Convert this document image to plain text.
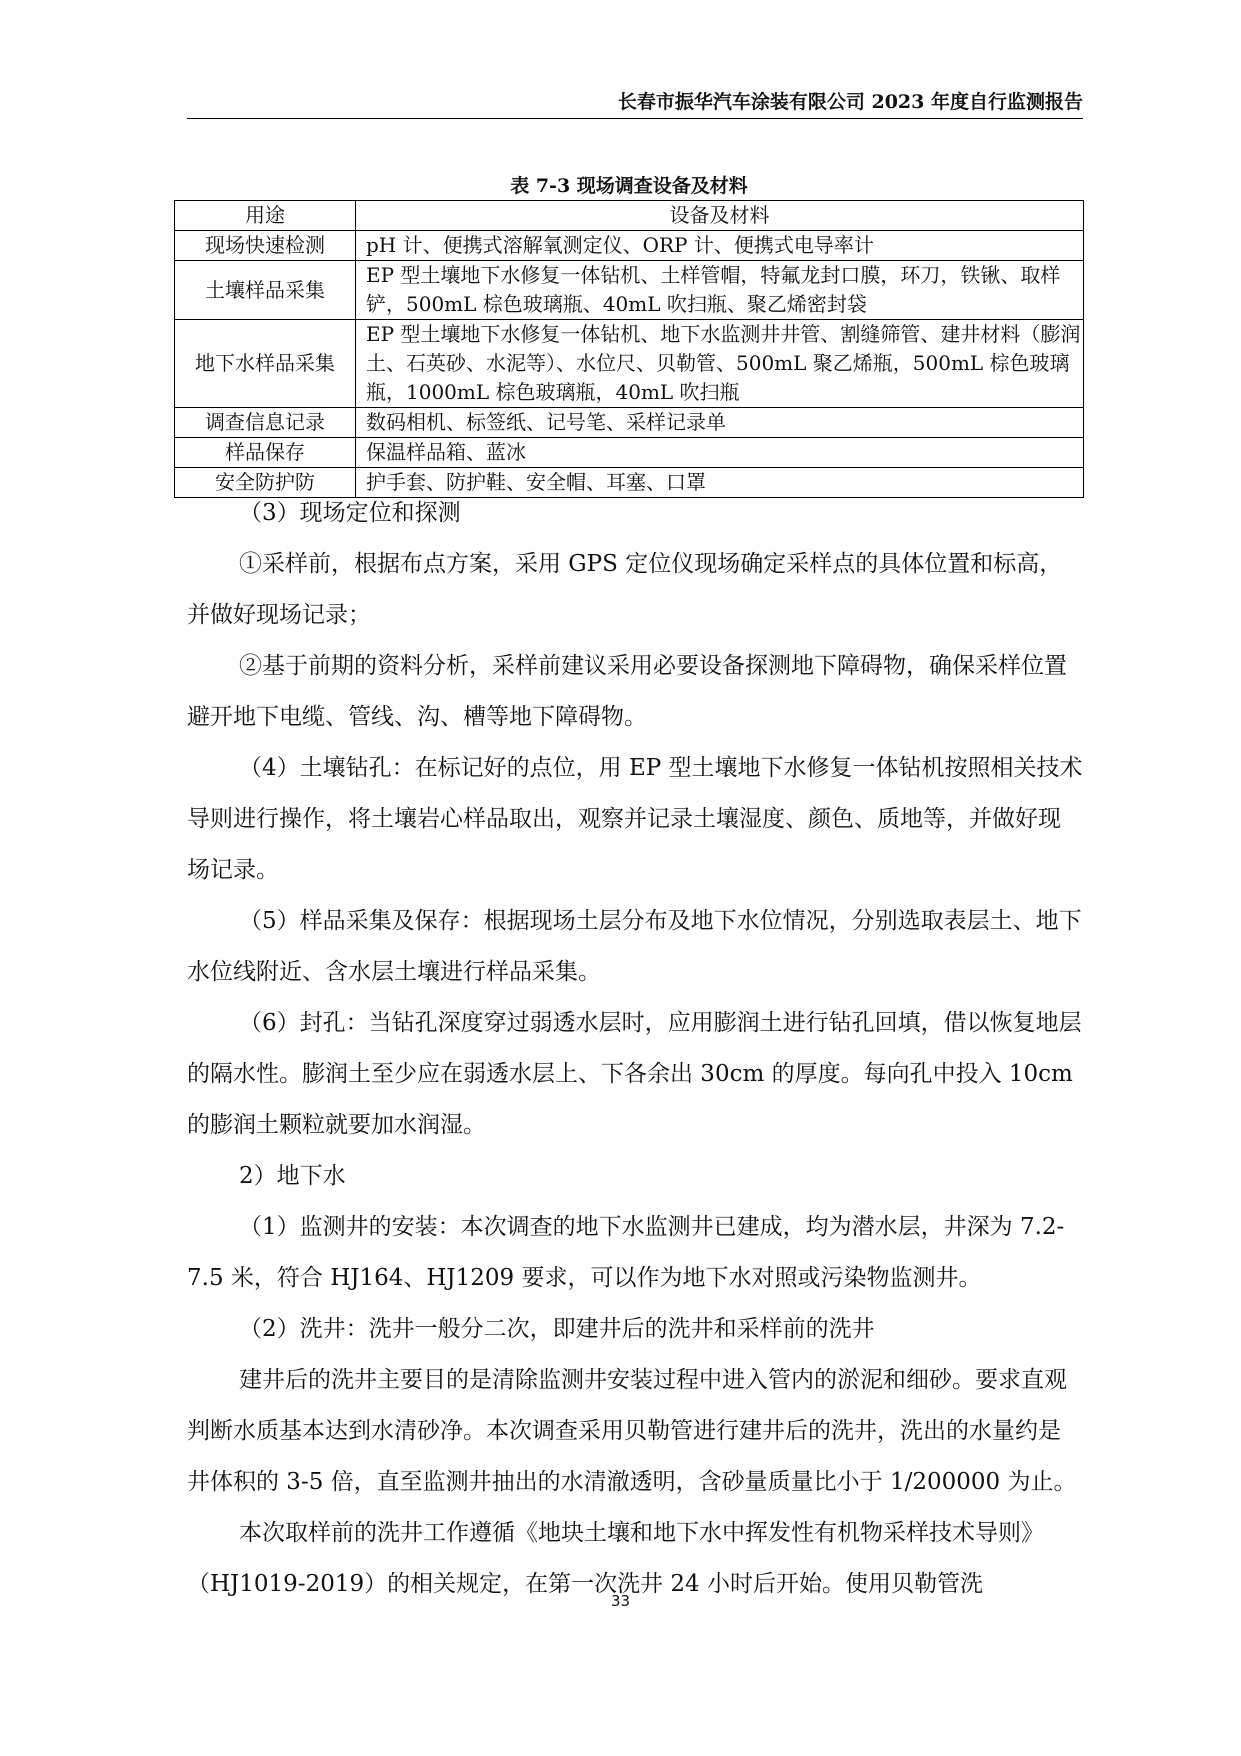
长春市振华汽车涂装有限公司 2023 年度自行监测报告
表 7-3 现场调查设备及材料
用途	设备及材料
现场快速检测	pH 计、便携式溶解氧测定仪、ORP 计、便携式电导率计
土壤样品采集	EP 型土壤地下水修复一体钻机、土样管帽，特氟龙封口膜，环刀，铁锹、取样铲，500mL 棕色玻璃瓶、40mL 吹扫瓶、聚乙烯密封袋
地下水样品采集	EP 型土壤地下水修复一体钻机、地下水监测井井管、割缝筛管、建井材料（膨润土、石英砂、水泥等）、水位尺、贝勒管、500mL 聚乙烯瓶，500mL 棕色玻璃瓶，1000mL 棕色玻璃瓶，40mL 吹扫瓶
调查信息记录	数码相机、标签纸、记号笔、采样记录单
样品保存	保温样品箱、蓝冰
安全防护防	护手套、防护鞋、安全帽、耳塞、口罩

（3）现场定位和探测

①采样前，根据布点方案，采用 GPS 定位仪现场确定采样点的具体位置和标高，并做好现场记录；

②基于前期的资料分析，采样前建议采用必要设备探测地下障碍物，确保采样位置避开地下电缆、管线、沟、槽等地下障碍物。

（4）土壤钻孔：在标记好的点位，用 EP 型土壤地下水修复一体钻机按照相关技术导则进行操作，将土壤岩心样品取出，观察并记录土壤湿度、颜色、质地等，并做好现场记录。

（5）样品采集及保存：根据现场土层分布及地下水位情况，分别选取表层土、地下水位线附近、含水层土壤进行样品采集。

（6）封孔：当钻孔深度穿过弱透水层时，应用膨润土进行钻孔回填，借以恢复地层的隔水性。膨润土至少应在弱透水层上、下各余出 30cm 的厚度。每向孔中投入 10cm 的膨润土颗粒就要加水润湿。

2）地下水

（1）监测井的安装：本次调查的地下水监测井已建成，均为潜水层，井深为 7.2-7.5 米，符合 HJ164、HJ1209 要求，可以作为地下水对照或污染物监测井。

（2）洗井：洗井一般分二次，即建井后的洗井和采样前的洗井

建井后的洗井主要目的是清除监测井安装过程中进入管内的淤泥和细砂。要求直观判断水质基本达到水清砂净。本次调查采用贝勒管进行建井后的洗井，洗出的水量约是井体积的 3-5 倍，直至监测井抽出的水清澈透明，含砂量质量比小于 1/200000 为止。

本次取样前的洗井工作遵循《地块土壤和地下水中挥发性有机物采样技术导则》（HJ1019-2019）的相关规定，在第一次洗井 24 小时后开始。使用贝勒管洗

33
